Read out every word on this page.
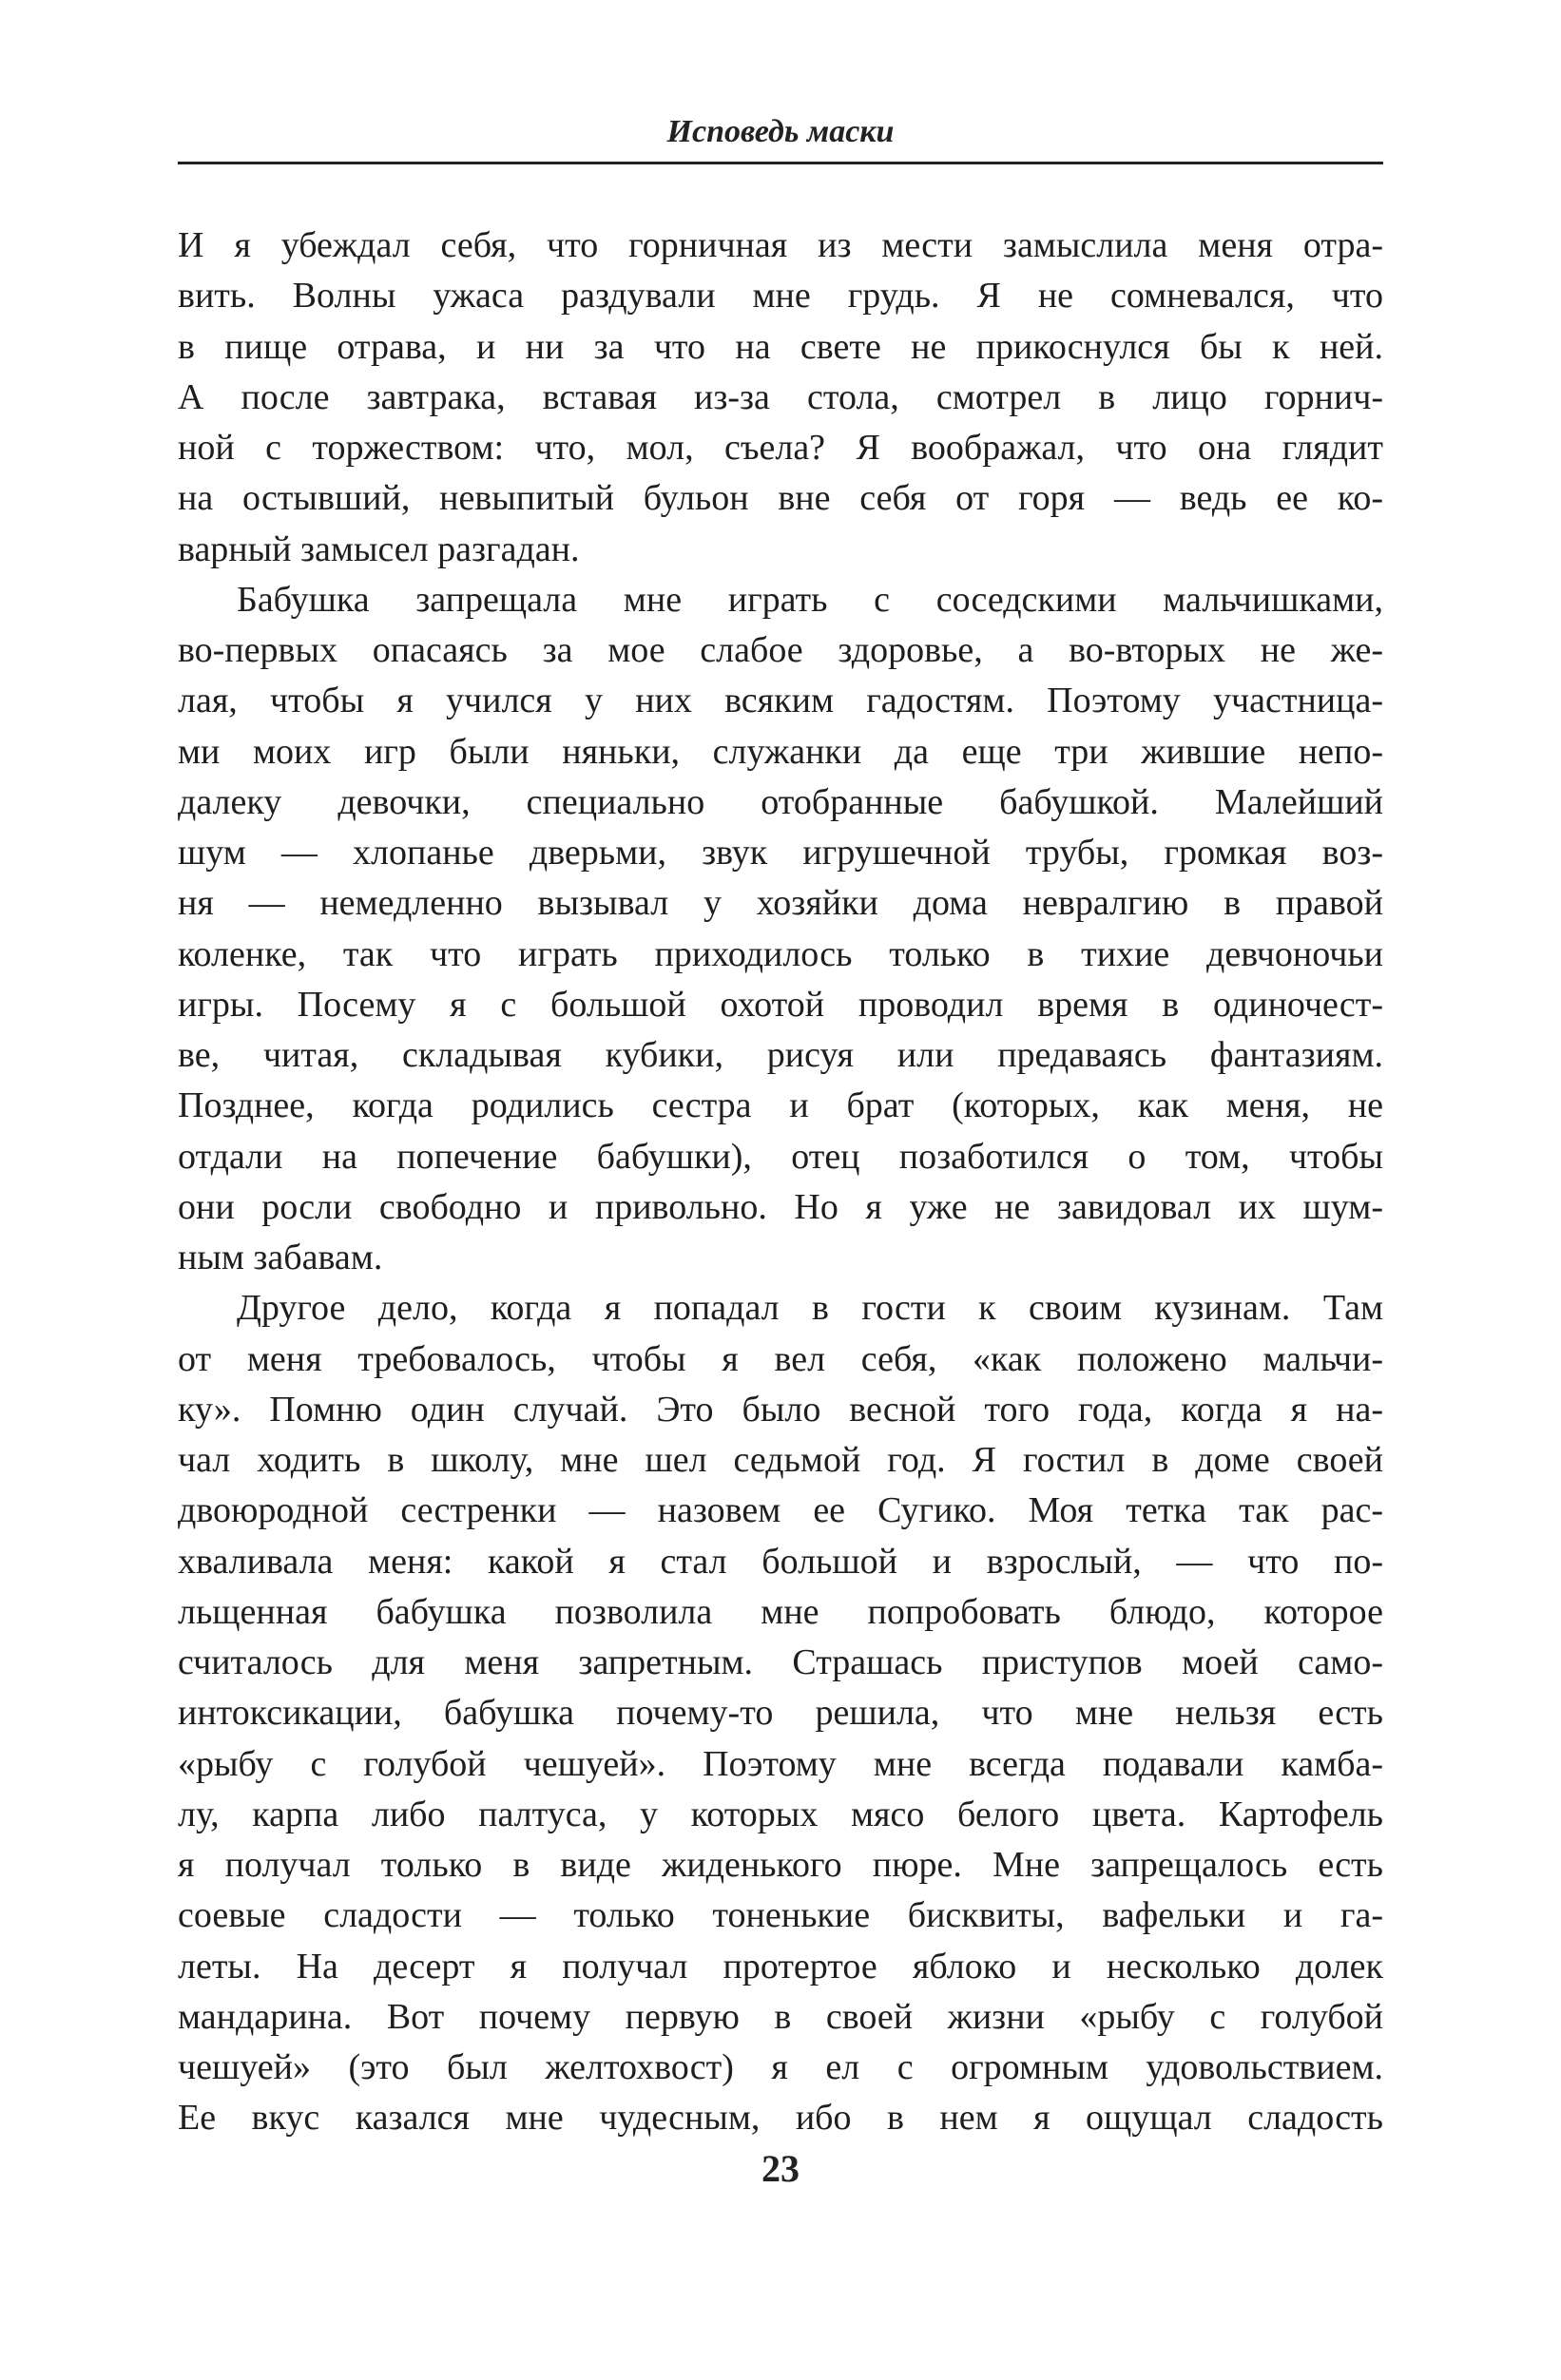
Исповедь маски
И я убеждал себя, что горничная из мести замыслила меня отра-
вить. Волны ужаса раздували мне грудь. Я не сомневался, что
в пище отрава, и ни за что на свете не прикоснулся бы к ней.
А после завтрака, вставая из-за стола, смотрел в лицо горнич-
ной с торжеством: что, мол, съела? Я воображал, что она глядит
на остывший, невыпитый бульон вне себя от горя — ведь ее ко-
варный замысел разгадан.
Бабушка запрещала мне играть с соседскими мальчишками,
во-первых опасаясь за мое слабое здоровье, а во-вторых не же-
лая, чтобы я учился у них всяким гадостям. Поэтому участница-
ми моих игр были няньки, служанки да еще три жившие непо-
далеку девочки, специально отобранные бабушкой. Малейший
шум — хлопанье дверьми, звук игрушечной трубы, громкая воз-
ня — немедленно вызывал у хозяйки дома невралгию в правой
коленке, так что играть приходилось только в тихие девчоночьи
игры. Посему я с большой охотой проводил время в одиночест-
ве, читая, складывая кубики, рисуя или предаваясь фантазиям.
Позднее, когда родились сестра и брат (которых, как меня, не
отдали на попечение бабушки), отец позаботился о том, чтобы
они росли свободно и привольно. Но я уже не завидовал их шум-
ным забавам.
Другое дело, когда я попадал в гости к своим кузинам. Там
от меня требовалось, чтобы я вел себя, «как положено мальчи-
ку». Помню один случай. Это было весной того года, когда я на-
чал ходить в школу, мне шел седьмой год. Я гостил в доме своей
двоюродной сестренки — назовем ее Сугико. Моя тетка так рас-
хваливала меня: какой я стал большой и взрослый, — что по-
льщенная бабушка позволила мне попробовать блюдо, которое
считалось для меня запретным. Страшась приступов моей само-
интоксикации, бабушка почему-то решила, что мне нельзя есть
«рыбу с голубой чешуей». Поэтому мне всегда подавали камба-
лу, карпа либо палтуса, у которых мясо белого цвета. Картофель
я получал только в виде жиденького пюре. Мне запрещалось есть
соевые сладости — только тоненькие бисквиты, вафельки и га-
леты. На десерт я получал протертое яблоко и несколько долек
мандарина. Вот почему первую в своей жизни «рыбу с голубой
чешуей» (это был желтохвост) я ел с огромным удовольствием.
Ее вкус казался мне чудесным, ибо в нем я ощущал сладость
23
